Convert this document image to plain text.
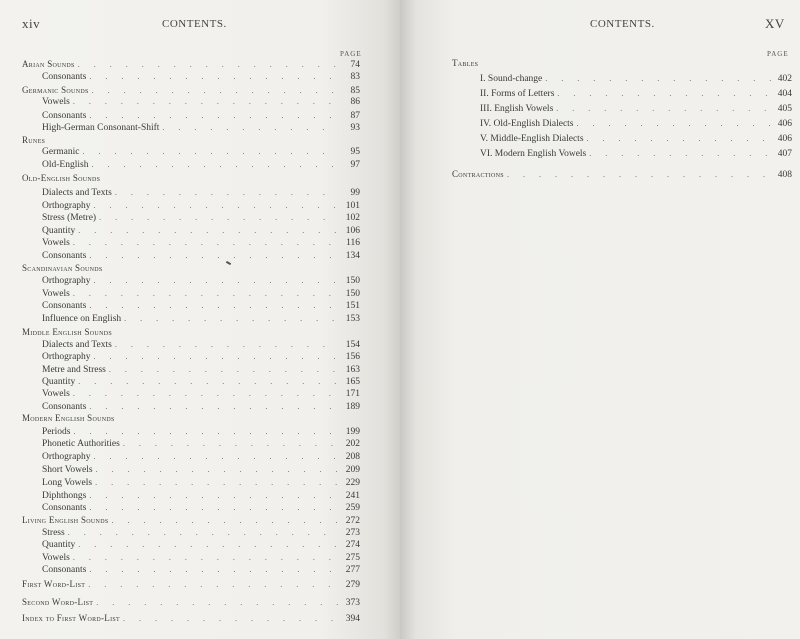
xiv	CONTENTS.
PAGE
Arian Sounds . . .	74
Consonants . . .	83
Germanic Sounds . . .	85
Vowels . . .	86
Consonants . . .	87
High-German Consonant-Shift . . .	93
Runes
Germanic . . .	95
Old-English . . .	97
Old-English Sounds
Dialects and Texts . . .	99
Orthography . . .	101
Stress (Metre) . . .	102
Quantity . . .	106
Vowels . . .	116
Consonants . . .	134
Scandinavian Sounds
Orthography . . .	150
Vowels . . .	150
Consonants . . .	151
Influence on English . . .	153
Middle English Sounds
Dialects and Texts . . .	154
Orthography . . .	156
Metre and Stress . . .	163
Quantity . . .	165
Vowels . . .	171
Consonants . . .	189
Modern English Sounds
Periods . . .	199
Phonetic Authorities . . .	202
Orthography . . .	208
Short Vowels . . .	209
Long Vowels . . .	229
Diphthongs . . .	241
Consonants . . .	259
Living English Sounds . . .	272
Stress . . .	273
Quantity . . .	274
Vowels . . .	275
Consonants . . .	277
First Word-List . . .	279
Second Word-List . . .	373
Index to First Word-List . . .	394
CONTENTS.	XV
PAGE
Tables
I. Sound-change . . .	402
II. Forms of Letters . . .	404
III. English Vowels . . .	405
IV. Old-English Dialects . . .	406
V. Middle-English Dialects . . .	406
VI. Modern English Vowels . . .	407
Contractions . . .	408
